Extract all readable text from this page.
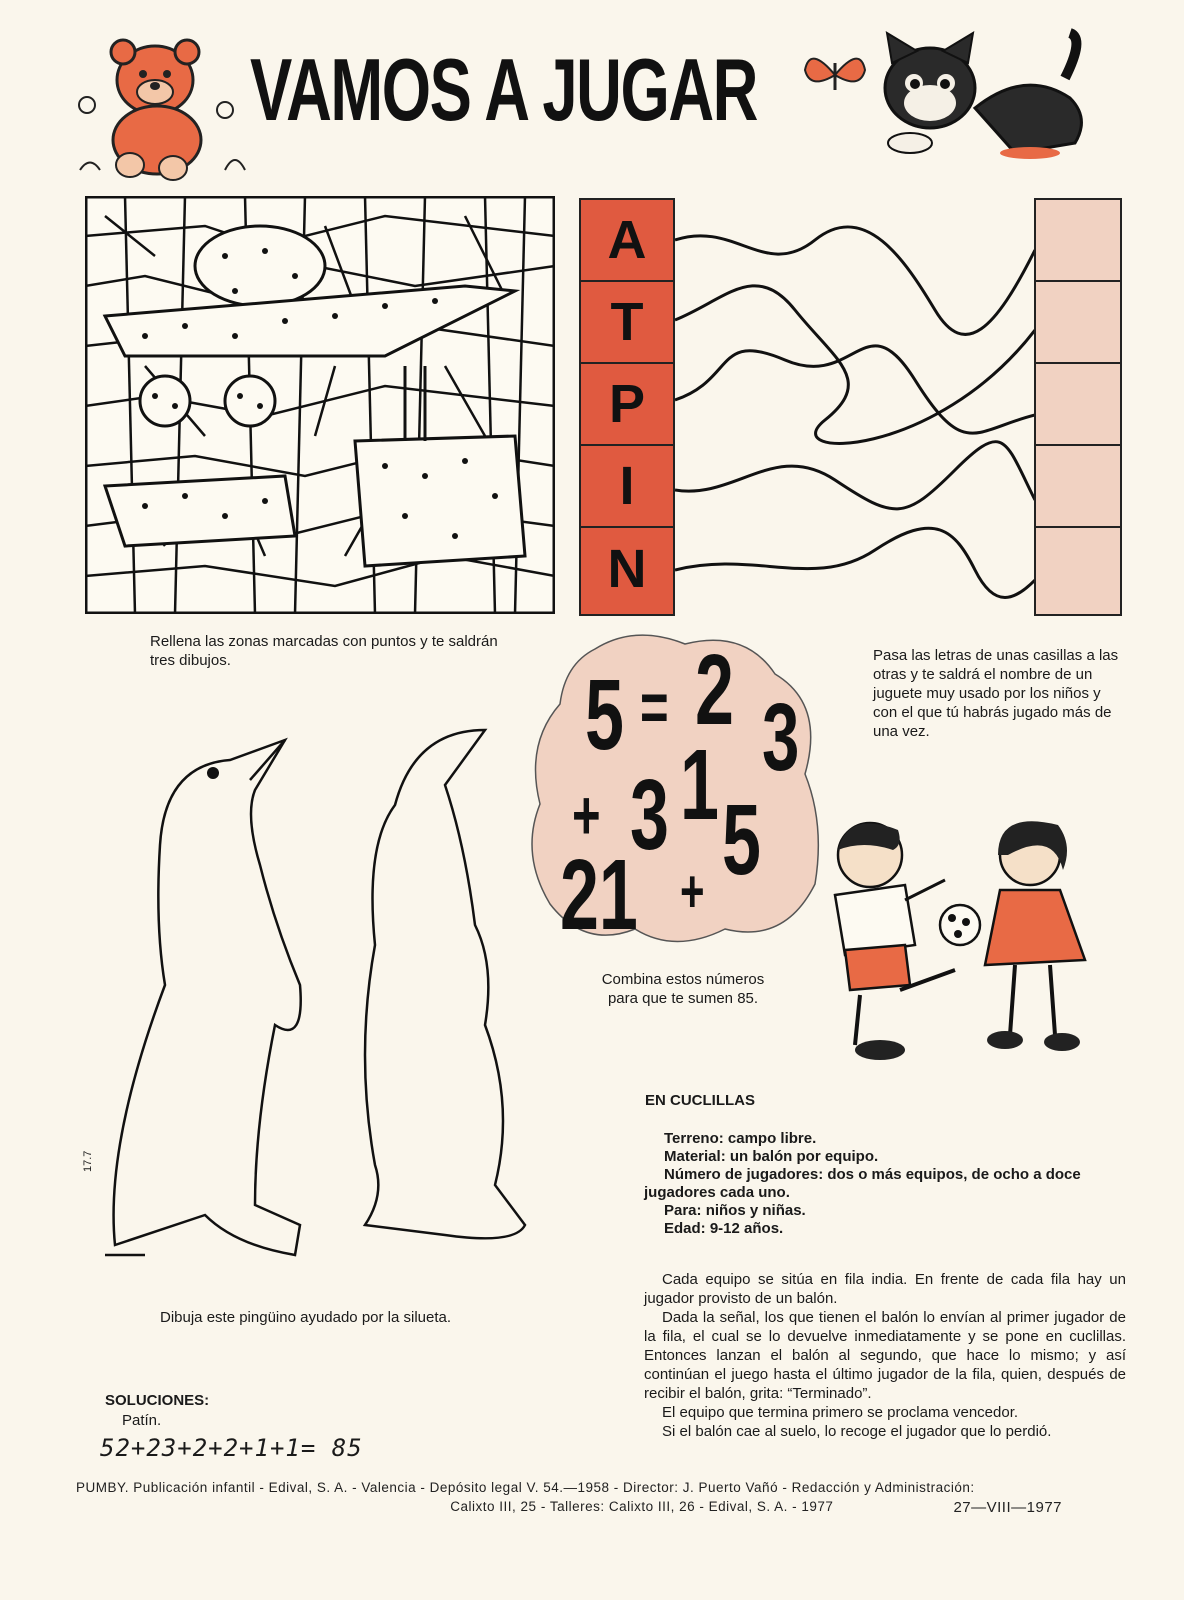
VAMOS A JUGAR
Rellena las zonas marcadas con puntos y te saldrán tres dibujos.
A
T
P
I
N
Pasa las letras de unas casillas a las otras y te saldrá el nombre de un juguete muy usado por los niños y con el que tú habrás jugado más de una vez.
5 = 2 3
+ 3 1 5
21 +
Combina estos números para que te sumen 85.
17.7
Dibuja este pingüino ayudado por la silueta.
EN CUCLILLAS
Terreno: campo libre.
Material: un balón por equipo.
Número de jugadores: dos o más equipos, de ocho a doce jugadores cada uno.
Para: niños y niñas.
Edad: 9-12 años.
Cada equipo se sitúa en fila india. En frente de cada fila hay un jugador provisto de un balón.
Dada la señal, los que tienen el balón lo envían al primer jugador de la fila, el cual se lo devuelve inmediatamente y se pone en cuclillas. Entonces lanzan el balón al segundo, que hace lo mismo; y así continúan el juego hasta el último jugador de la fila, quien, después de recibir el balón, grita: “Terminado”.
El equipo que termina primero se proclama vencedor.
Si el balón cae al suelo, lo recoge el jugador que lo perdió.
SOLUCIONES:
Patín.
52+23+2+2+1+1= 85
PUMBY. Publicación infantil - Edival, S. A. - Valencia - Depósito legal V. 54.—1958 - Director: J. Puerto Vañó - Redacción y Administración:
Calixto III, 25 - Talleres: Calixto III, 26 - Edival, S. A. - 1977	27—VIII—1977
